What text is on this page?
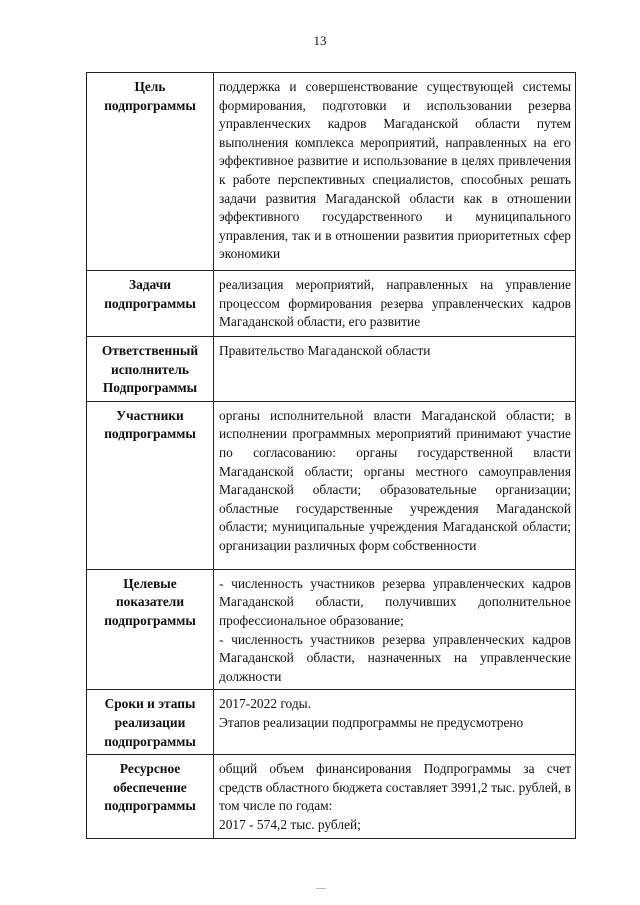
13
Цель подпрограммы	поддержка и совершенствование существующей системы формирования, подготовки и использовании резерва управленческих кадров Магаданской области путем выполнения комплекса мероприятий, направленных на его эффективное развитие и использование в целях привлечения к работе перспективных специалистов, способных решать задачи развития Магаданской области как в отношении эффективного государственного и муниципального управления, так и в отношении развития приоритетных сфер экономики

Задачи подпрограммы	реализация мероприятий, направленных на управление процессом формирования резерва управленческих кадров Магаданской области, его развитие

Ответственный исполнитель Подпрограммы	Правительство Магаданской области

Участники подпрограммы	органы исполнительной власти Магаданской области; в исполнении программных мероприятий принимают участие по согласованию: органы государственной власти Магаданской области; органы местного самоуправления Магаданской области; образовательные организации; областные государственные учреждения Магаданской области; муниципальные учреждения Магаданской области; организации различных форм собственности

Целевые показатели подпрограммы	- численность участников резерва управленческих кадров Магаданской области, получивших дополнительное профессиональное образование;

- численность участников резерва управленческих кадров Магаданской области, назначенных на управленческие должности

Сроки и этапы реализации подпрограммы	2017-2022 годы.

Этапов реализации подпрограммы не предусмотрено

Ресурсное обеспечение подпрограммы	общий объем финансирования Подпрограммы за счет средств областного бюджета составляет 3991,2 тыс. рублей, в том числе по годам:

2017 - 574,2 тыс. рублей;
